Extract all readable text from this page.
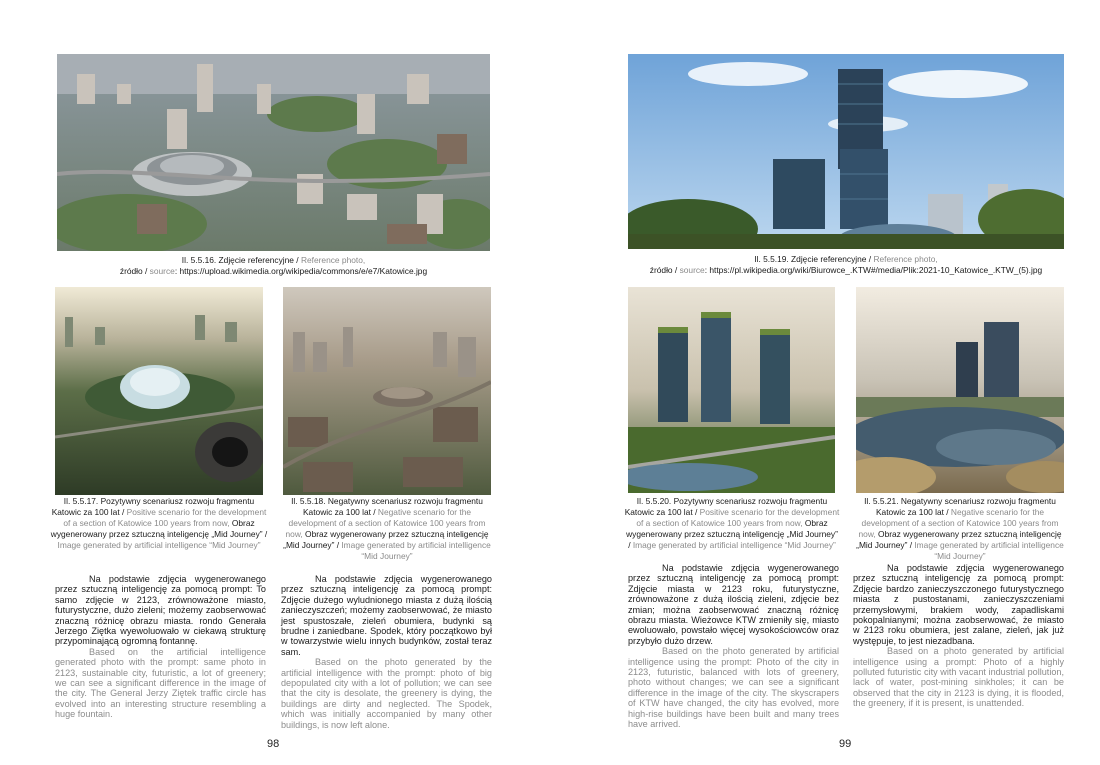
Il. 5.5.16. Zdjęcie referencyjne / Reference photo,
źródło / source: https://upload.wikimedia.org/wikipedia/commons/e/e7/Katowice.jpg
Il. 5.5.17. Pozytywny scenariusz rozwoju fragmentu Katowic za 100 lat / Positive scenario for the development of a section of Katowice 100 years from now, Obraz wygenerowany przez sztuczną inteligencję „Mid Journey” / Image generated by artificial intelligence “Mid Journey”
Il. 5.5.18. Negatywny scenariusz rozwoju fragmentu Katowic za 100 lat / Negative scenario for the development of a section of Katowice 100 years from now, Obraz wygenerowany przez sztuczną inteligencję „Mid Journey” / Image generated by artificial intelligence “Mid Journey”

Na podstawie zdjęcia wygenerowanego przez sztuczną inteligencję za pomocą prompt: To samo zdjęcie w 2123, zrównoważone miasto, futurystyczne, dużo zieleni; możemy zaobserwować znaczną różnicę obrazu miasta. rondo Generała Jerzego Ziętka wyewoluowało w ciekawą strukturę przypominającą ogromną fontannę.

Based on the artificial intelligence generated photo with the prompt: same photo in 2123, sustainable city, futuristic, a lot of greenery; we can see a significant difference in the image of the city. The General Jerzy Ziętek traffic circle has evolved into an interesting structure resembling a huge fountain.

Na podstawie zdjęcia wygenerowanego przez sztuczną inteligencję za pomocą prompt: Zdjęcie dużego wyludnionego miasta z dużą ilością zanieczyszczeń; możemy zaobserwować, że miasto jest spustoszałe, zieleń obumiera, budynki są brudne i zaniedbane. Spodek, który początkowo był w towarzystwie wielu innych budynków, został teraz sam.

Based on the photo generated by the artificial intelligence with the prompt: photo of big depopulated city with a lot of pollution; we can see that the city is desolate, the greenery is dying, the buildings are dirty and neglected. The Spodek, which was initially accompanied by many other buildings, is now left alone.

98
Il. 5.5.19. Zdjęcie referencyjne / Reference photo,
źródło / source: https://pl.wikipedia.org/wiki/Biurowce_.KTW#/media/Plik:2021-10_Katowice_.KTW_(5).jpg
Il. 5.5.20. Pozytywny scenariusz rozwoju fragmentu Katowic za 100 lat / Positive scenario for the development of a section of Katowice 100 years from now, Obraz wygenerowany przez sztuczną inteligencję „Mid Journey” / Image generated by artificial intelligence “Mid Journey”
Il. 5.5.21. Negatywny scenariusz rozwoju fragmentu Katowic za 100 lat / Negative scenario for the development of a section of Katowice 100 years from now, Obraz wygenerowany przez sztuczną inteligencję „Mid Journey” / Image generated by artificial intelligence “Mid Journey”

Na podstawie zdjęcia wygenerowanego przez sztuczną inteligencję za pomocą prompt: Zdjęcie miasta w 2123 roku, futurystyczne, zrównoważone z dużą ilością zieleni, zdjęcie bez zmian; można zaobserwować znaczną różnicę obrazu miasta. Wieżowce KTW zmieniły się, miasto ewoluowało, powstało więcej wysokościowców oraz przybyło dużo drzew.

Based on the photo generated by artificial intelligence using the prompt: Photo of the city in 2123, futuristic, balanced with lots of greenery, photo without changes; we can see a significant difference in the image of the city. The skyscrapers of KTW have changed, the city has evolved, more high-rise buildings have been built and many trees have arrived.

Na podstawie zdjęcia wygenerowanego przez sztuczną inteligencję za pomocą prompt: Zdjęcie bardzo zanieczyszczonego futurystycznego miasta z pustostanami, zanieczyszczeniami przemysłowymi, brakiem wody, zapadliskami pokopalnianymi; można zaobserwować, że miasto w 2123 roku obumiera, jest zalane, zieleń, jak już występuje, to jest niezadbana.

Based on a photo generated by artificial intelligence using a prompt: Photo of a highly polluted futuristic city with vacant industrial pollution, lack of water, post-mining sinkholes; it can be observed that the city in 2123 is dying, it is flooded, the greenery, if it is present, is unattended.

99
